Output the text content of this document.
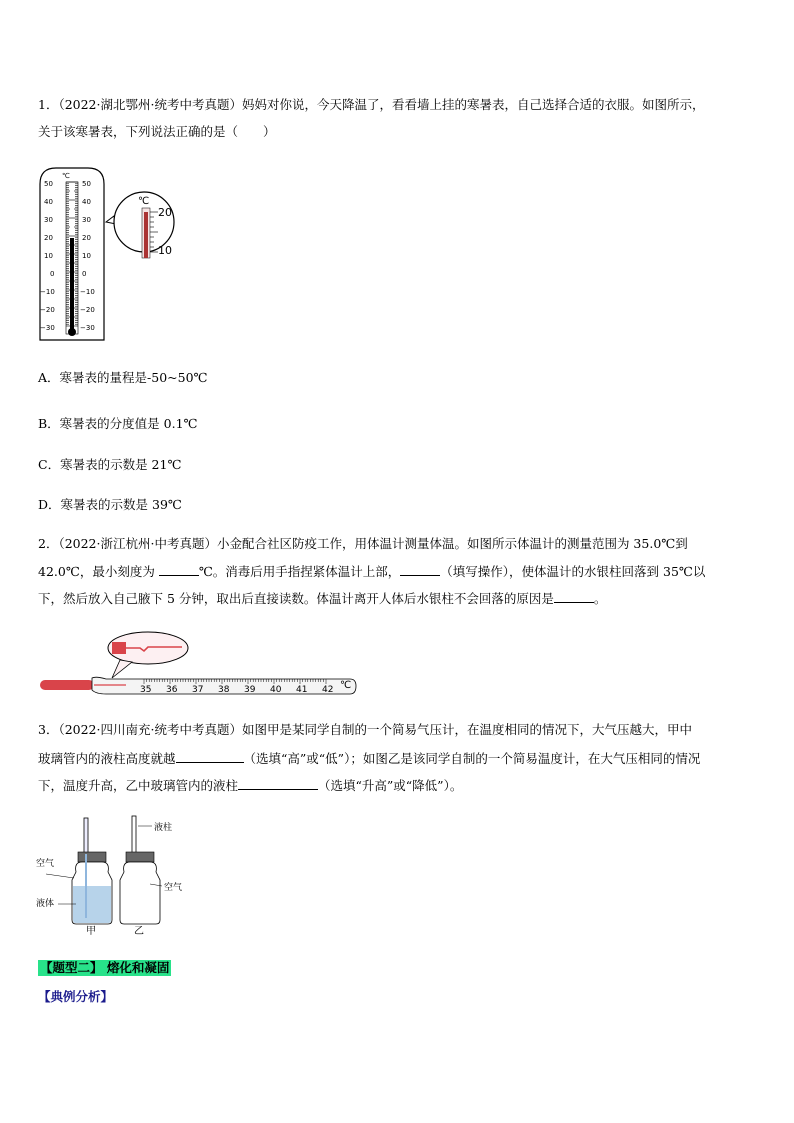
1．（2022·湖北鄂州·统考中考真题）妈妈对你说，今天降温了，看看墙上挂的寒暑表，自己选择合适的衣服。如图所示，
关于该寒暑表，下列说法正确的是（　　）
℃
50
40
30
20
10
0
−10
−20
−30
50
40
30
20
10
0
−10
−20
−30
℃
20
10
A．寒暑表的量程是-50~50℃
B．寒暑表的分度值是 0.1℃
C．寒暑表的示数是 21℃
D．寒暑表的示数是 39℃
2．（2022·浙江杭州·中考真题）小金配合社区防疫工作，用体温计测量体温。如图所示体温计的测量范围为 35.0℃到
42.0℃，最小刻度为	℃。消毒后用手指捏紧体温计上部，	（填写操作），使体温计的水银柱回落到 35℃以
下，然后放入自己腋下 5 分钟，取出后直接读数。体温计离开人体后水银柱不会回落的原因是	。
35 36 37 38 39 40 41 42 ℃
3．（2022·四川南充·统考中考真题）如图甲是某同学自制的一个简易气压计，在温度相同的情况下，大气压越大，甲中
玻璃管内的液柱高度就越	（选填“高”或“低”）；如图乙是该同学自制的一个简易温度计，在大气压相同的情况
下，温度升高，乙中玻璃管内的液柱	（选填“升高”或“降低”）。
空气
液体
甲
液柱
空气
乙
【题型二】 熔化和凝固
【典例分析】
